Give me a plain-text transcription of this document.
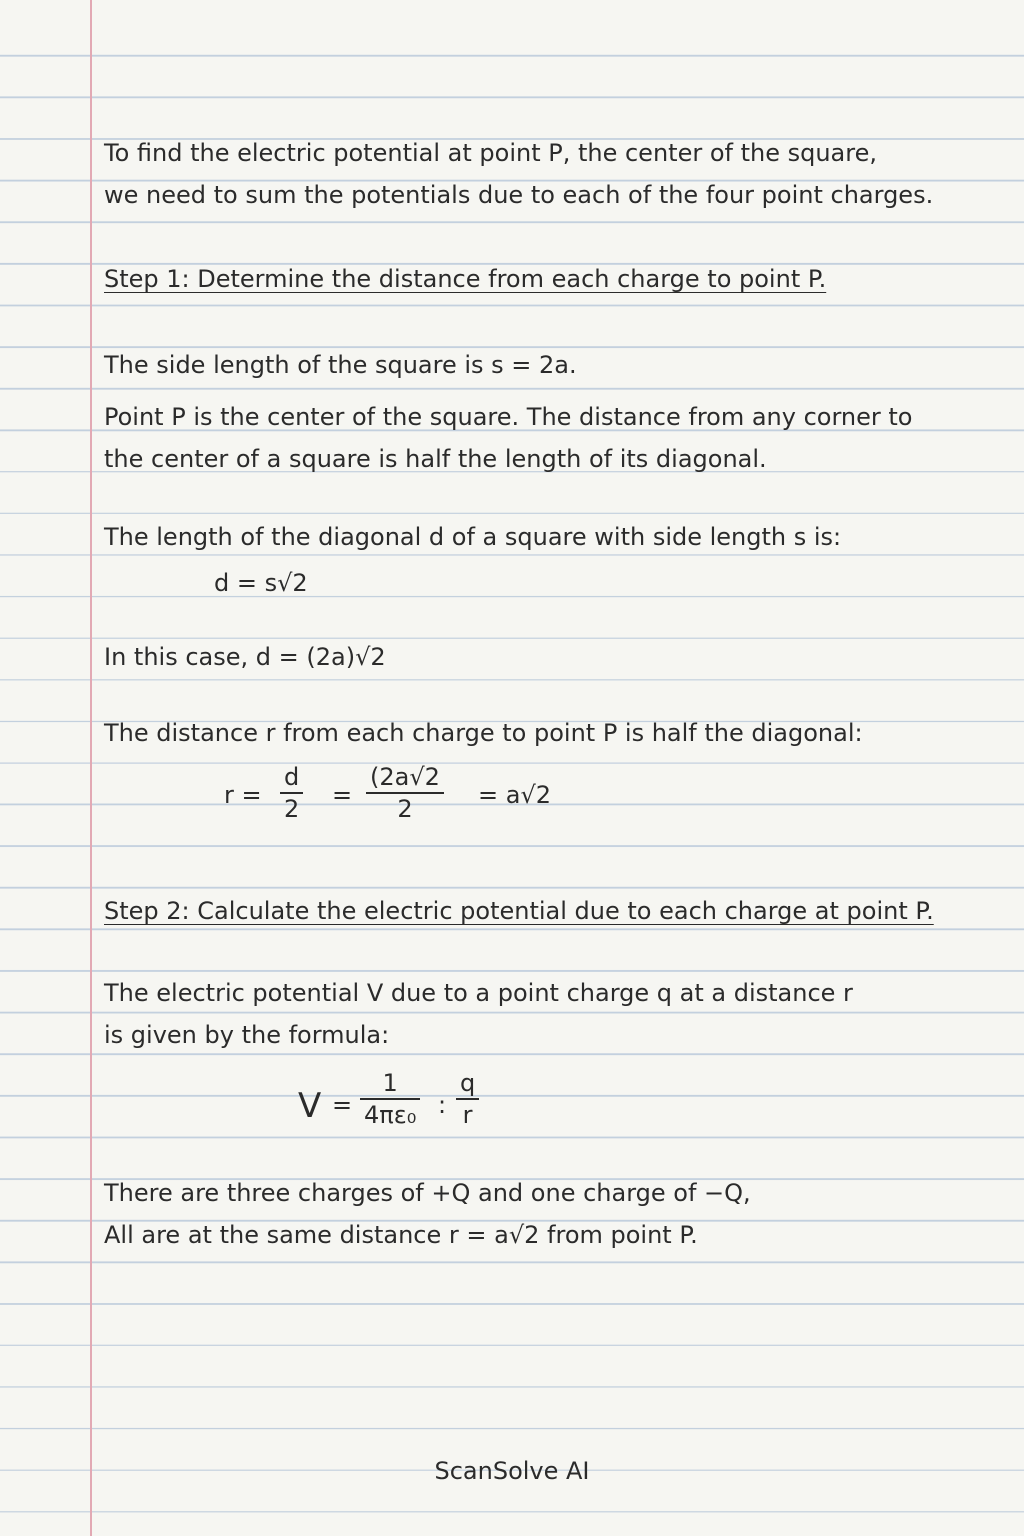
To find the electric potential at point P, the center of the square,
we need to sum the potentials due to each of the four point charges.
Step 1: Determine the distance from each charge to point P.
The side length of the square is s = 2a.
Point P is the center of the square. The distance from any corner to
the center of a square is half the length of its diagonal.
The length of the diagonal d of a square with side length s is:
d = s√2
In this case, d = (2a)√2
The distance r from each charge to point P is half the diagonal:
$r = \frac{d}{2} = \frac{(2a√2}{2} = a√2$
Step 2: Calculate the electric potential due to each charge at point P.
The electric potential V due to a point charge q at a distance r
is given by the formula:
$V = \frac{1}{\text{4πε₀}}$ : $\frac{q}{r}$
There are three charges of +Q and one charge of −Q,
All are at the same distance r = a√2 from point P.
ScanSolve AI
